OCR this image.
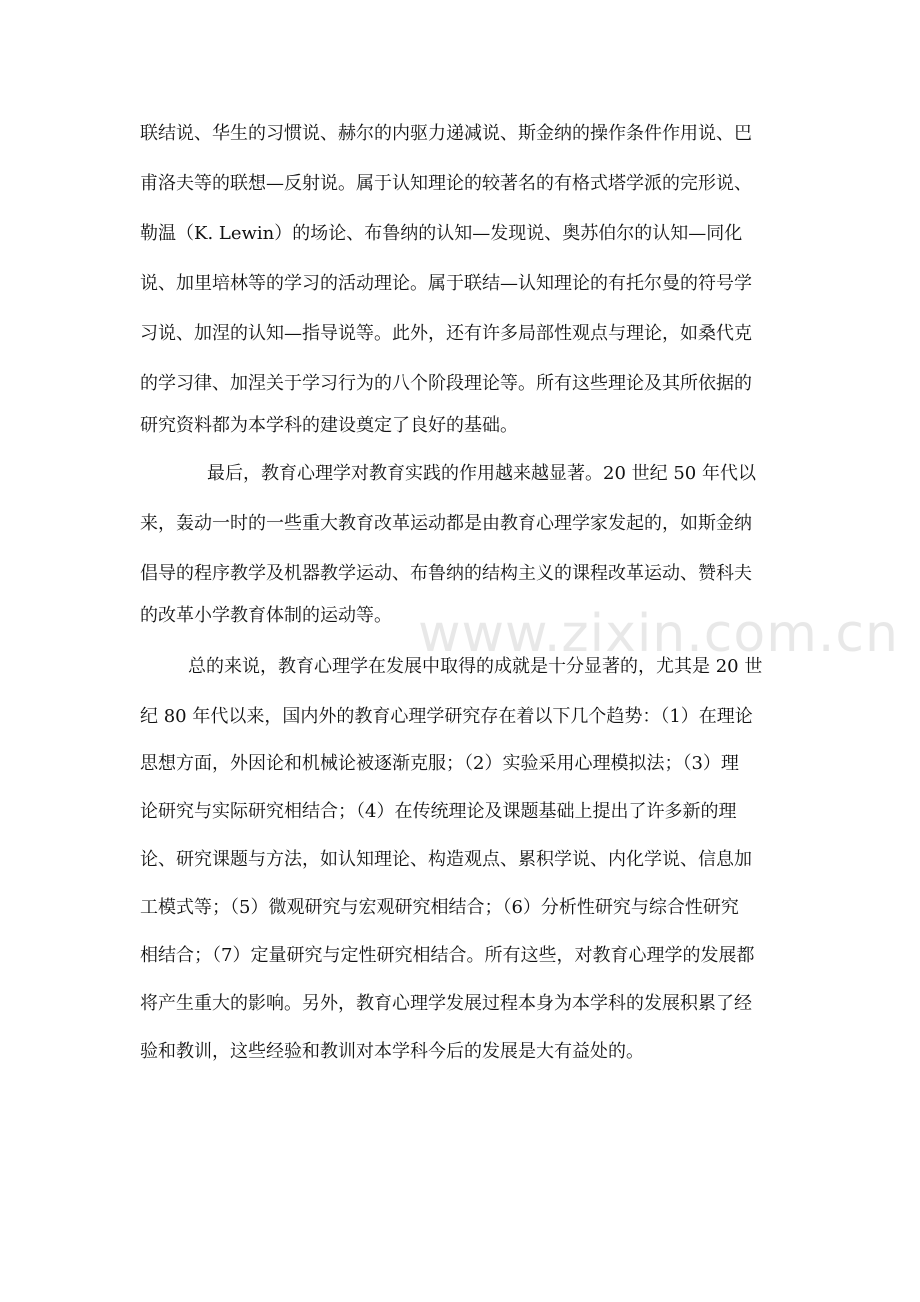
联结说、华生的习惯说、赫尔的内驱力递减说、斯金纳的操作条件作用说、巴
甫洛夫等的联想—反射说。属于认知理论的较著名的有格式塔学派的完形说、
勒温（K. Lewin）的场论、布鲁纳的认知—发现说、奥苏伯尔的认知—同化
说、加里培林等的学习的活动理论。属于联结—认知理论的有托尔曼的符号学
习说、加涅的认知—指导说等。此外，还有许多局部性观点与理论，如桑代克
的学习律、加涅关于学习行为的八个阶段理论等。所有这些理论及其所依据的
研究资料都为本学科的建设奠定了良好的基础。
最后，教育心理学对教育实践的作用越来越显著。20 世纪 50 年代以
来，轰动一时的一些重大教育改革运动都是由教育心理学家发起的，如斯金纳
倡导的程序教学及机器教学运动、布鲁纳的结构主义的课程改革运动、赞科夫
的改革小学教育体制的运动等。
总的来说，教育心理学在发展中取得的成就是十分显著的，尤其是 20 世
纪 80 年代以来，国内外的教育心理学研究存在着以下几个趋势：（1）在理论
思想方面，外因论和机械论被逐渐克服；（2）实验采用心理模拟法；（3）理
论研究与实际研究相结合；（4）在传统理论及课题基础上提出了许多新的理
论、研究课题与方法，如认知理论、构造观点、累积学说、内化学说、信息加
工模式等；（5）微观研究与宏观研究相结合；（6）分析性研究与综合性研究
相结合；（7）定量研究与定性研究相结合。所有这些，对教育心理学的发展都
将产生重大的影响。另外，教育心理学发展过程本身为本学科的发展积累了经
验和教训，这些经验和教训对本学科今后的发展是大有益处的。
www.zixin.com.cn
